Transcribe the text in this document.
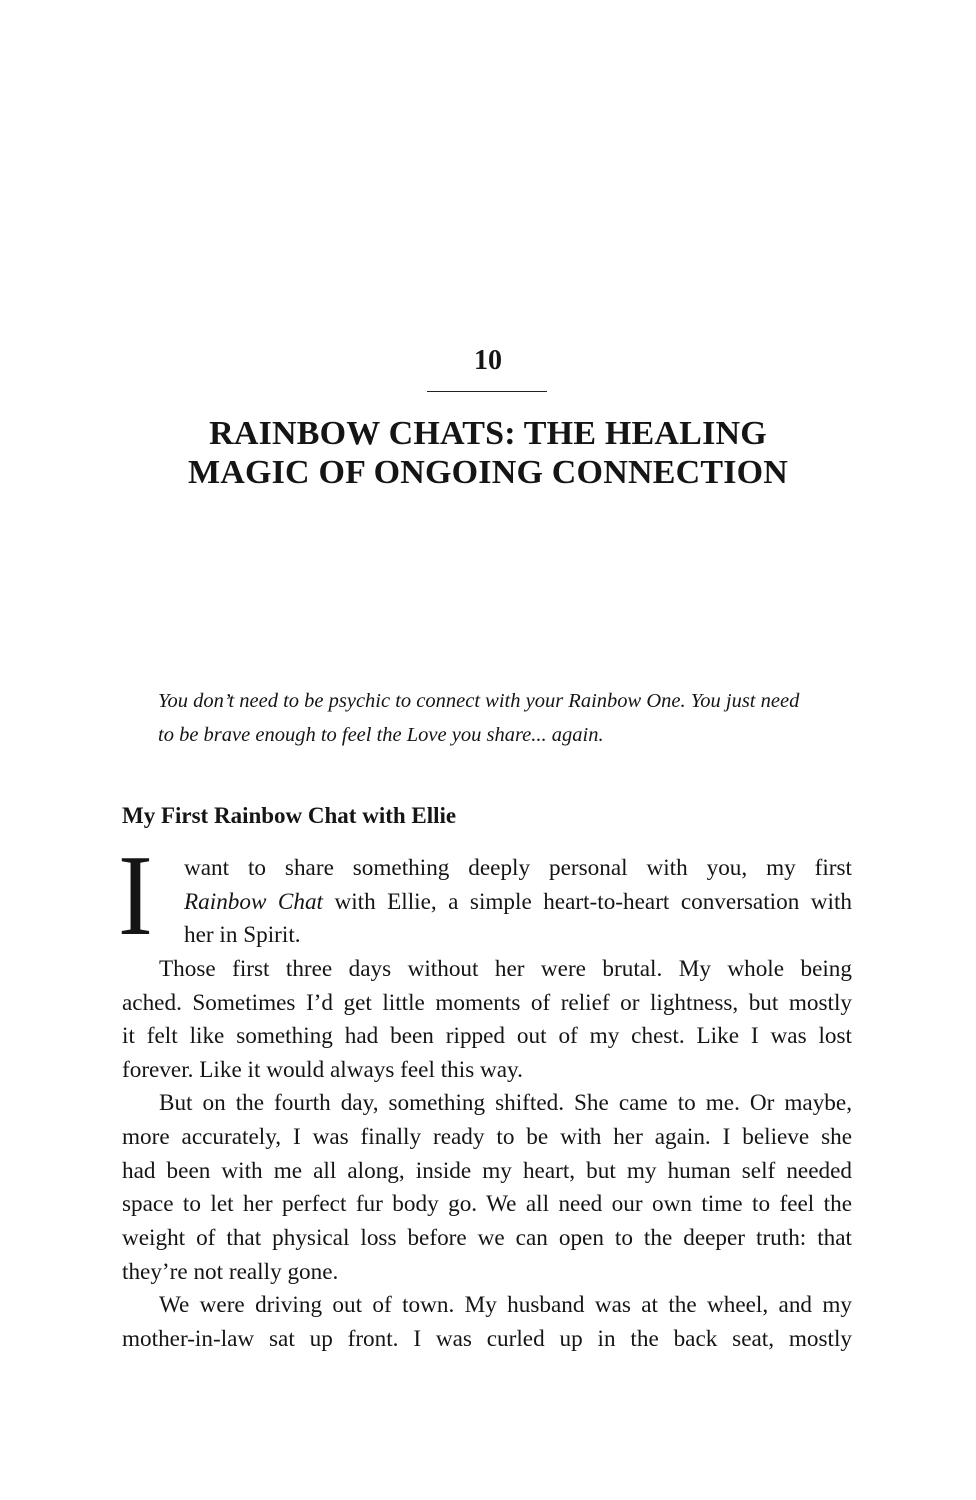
10
RAINBOW CHATS: THE HEALING
MAGIC OF ONGOING CONNECTION
You don’t need to be psychic to connect with your Rainbow One. You just need
to be brave enough to feel the Love you share... again.
My First Rainbow Chat with Ellie
I want to share something deeply personal with you, my first
Rainbow Chat with Ellie, a simple heart-to-heart conversation with
her in Spirit.
Those first three days without her were brutal. My whole being
ached. Sometimes I’d get little moments of relief or lightness, but mostly
it felt like something had been ripped out of my chest. Like I was lost
forever. Like it would always feel this way.
But on the fourth day, something shifted. She came to me. Or maybe,
more accurately, I was finally ready to be with her again. I believe she
had been with me all along, inside my heart, but my human self needed
space to let her perfect fur body go. We all need our own time to feel the
weight of that physical loss before we can open to the deeper truth: that
they’re not really gone.
We were driving out of town. My husband was at the wheel, and my
mother-in-law sat up front. I was curled up in the back seat, mostly
